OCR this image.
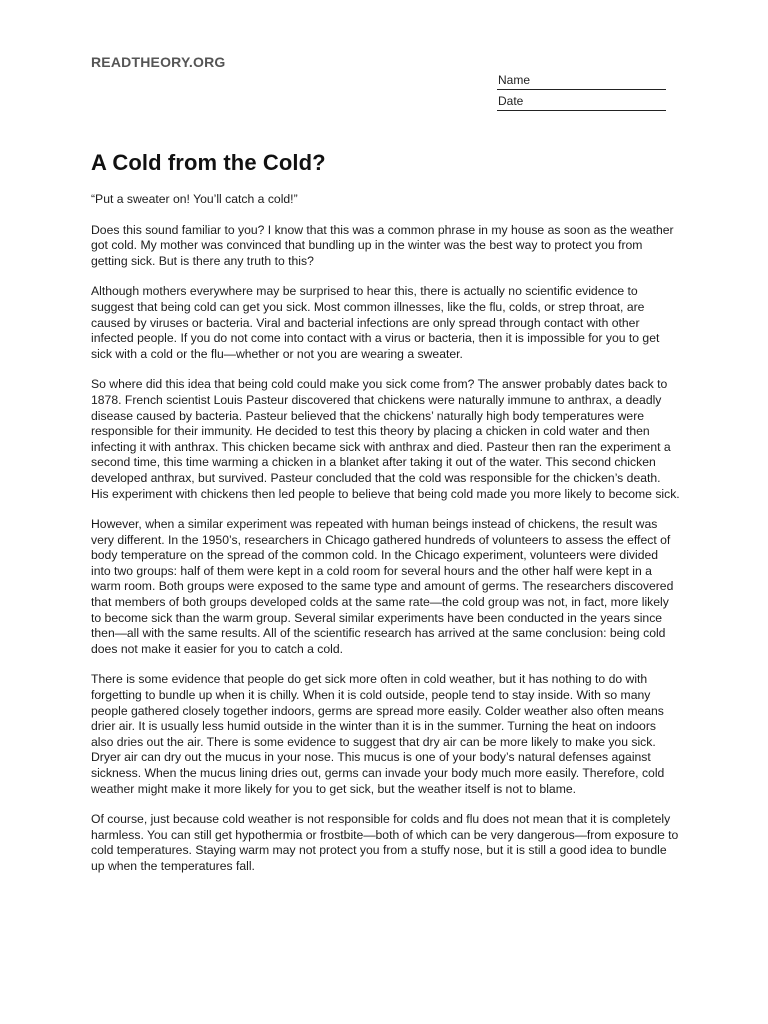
READTHEORY.ORG
Name
Date
A Cold from the Cold?

“Put a sweater on! You’ll catch a cold!”

Does this sound familiar to you? I know that this was a common phrase in my house as soon as the weather got cold. My mother was convinced that bundling up in the winter was the best way to protect you from getting sick. But is there any truth to this?

Although mothers everywhere may be surprised to hear this, there is actually no scientific evidence to suggest that being cold can get you sick. Most common illnesses, like the flu, colds, or strep throat, are caused by viruses or bacteria. Viral and bacterial infections are only spread through contact with other infected people. If you do not come into contact with a virus or bacteria, then it is impossible for you to get sick with a cold or the flu—whether or not you are wearing a sweater.

So where did this idea that being cold could make you sick come from? The answer probably dates back to 1878. French scientist Louis Pasteur discovered that chickens were naturally immune to anthrax, a deadly disease caused by bacteria. Pasteur believed that the chickens’ naturally high body temperatures were responsible for their immunity. He decided to test this theory by placing a chicken in cold water and then infecting it with anthrax. This chicken became sick with anthrax and died. Pasteur then ran the experiment a second time, this time warming a chicken in a blanket after taking it out of the water. This second chicken developed anthrax, but survived. Pasteur concluded that the cold was responsible for the chicken’s death. His experiment with chickens then led people to believe that being cold made you more likely to become sick.

However, when a similar experiment was repeated with human beings instead of chickens, the result was very different. In the 1950’s, researchers in Chicago gathered hundreds of volunteers to assess the effect of body temperature on the spread of the common cold. In the Chicago experiment, volunteers were divided into two groups: half of them were kept in a cold room for several hours and the other half were kept in a warm room. Both groups were exposed to the same type and amount of germs. The researchers discovered that members of both groups developed colds at the same rate—the cold group was not, in fact, more likely to become sick than the warm group. Several similar experiments have been conducted in the years since then—all with the same results. All of the scientific research has arrived at the same conclusion: being cold does not make it easier for you to catch a cold.

There is some evidence that people do get sick more often in cold weather, but it has nothing to do with forgetting to bundle up when it is chilly. When it is cold outside, people tend to stay inside. With so many people gathered closely together indoors, germs are spread more easily. Colder weather also often means drier air. It is usually less humid outside in the winter than it is in the summer. Turning the heat on indoors also dries out the air. There is some evidence to suggest that dry air can be more likely to make you sick. Dryer air can dry out the mucus in your nose. This mucus is one of your body’s natural defenses against sickness. When the mucus lining dries out, germs can invade your body much more easily. Therefore, cold weather might make it more likely for you to get sick, but the weather itself is not to blame.

Of course, just because cold weather is not responsible for colds and flu does not mean that it is completely harmless. You can still get hypothermia or frostbite—both of which can be very dangerous—from exposure to cold temperatures. Staying warm may not protect you from a stuffy nose, but it is still a good idea to bundle up when the temperatures fall.
